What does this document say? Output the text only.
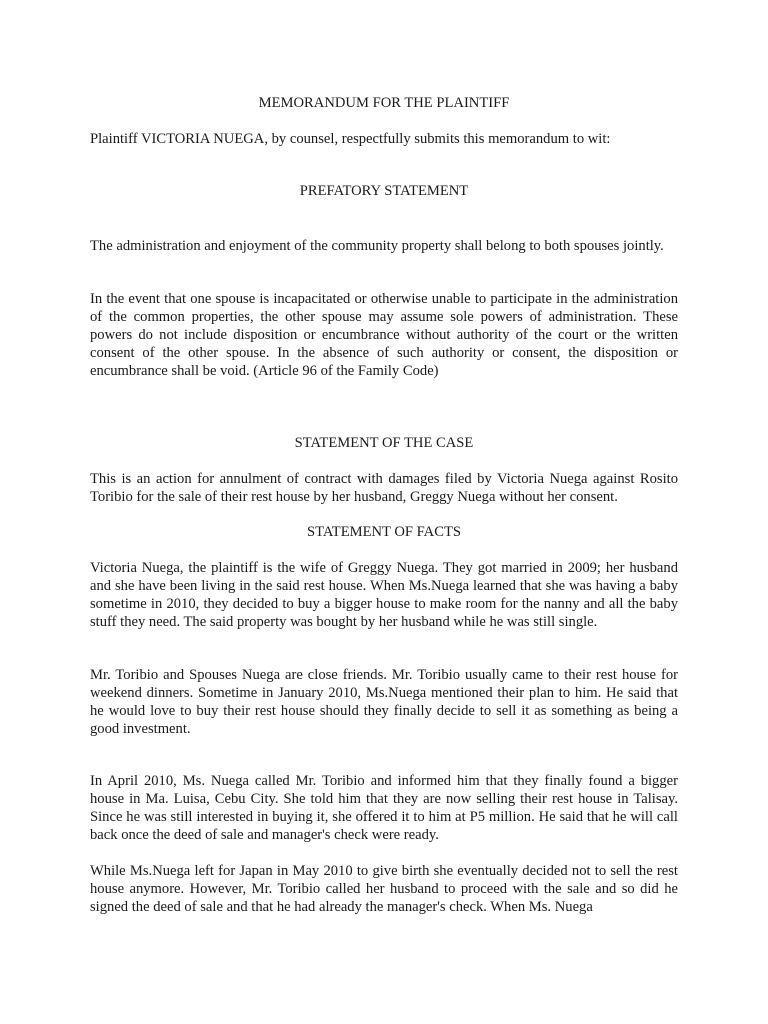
MEMORANDUM FOR THE PLAINTIFF

Plaintiff VICTORIA NUEGA, by counsel, respectfully submits this memorandum to wit:

PREFATORY STATEMENT

The administration and enjoyment of the community property shall belong to both spouses jointly.

In the event that one spouse is incapacitated or otherwise unable to participate in the administration of the common properties, the other spouse may assume sole powers of administration. These powers do not include disposition or encumbrance without authority of the court or the written consent of the other spouse. In the absence of such authority or consent, the disposition or encumbrance shall be void. (Article 96 of the Family Code)

STATEMENT OF THE CASE

This is an action for annulment of contract with damages filed by Victoria Nuega against Rosito Toribio for the sale of their rest house by her husband, Greggy Nuega without her consent.

STATEMENT OF FACTS

Victoria Nuega, the plaintiff is the wife of Greggy Nuega. They got married in 2009; her husband and she have been living in the said rest house. When Ms.Nuega learned that she was having a baby sometime in 2010, they decided to buy a bigger house to make room for the nanny and all the baby stuff they need. The said property was bought by her husband while he was still single.

Mr. Toribio and Spouses Nuega are close friends. Mr. Toribio usually came to their rest house for weekend dinners. Sometime in January 2010, Ms.Nuega mentioned their plan to him. He said that he would love to buy their rest house should they finally decide to sell it as something as being a good investment.

In April 2010, Ms. Nuega called Mr. Toribio and informed him that they finally found a bigger house in Ma. Luisa, Cebu City. She told him that they are now selling their rest house in Talisay. Since he was still interested in buying it, she offered it to him at P5 million. He said that he will call back once the deed of sale and manager's check were ready.

While Ms.Nuega left for Japan in May 2010 to give birth she eventually decided not to sell the rest house anymore. However, Mr. Toribio called her husband to proceed with the sale and so did he signed the deed of sale and that he had already the manager's check. When Ms. Nuega
